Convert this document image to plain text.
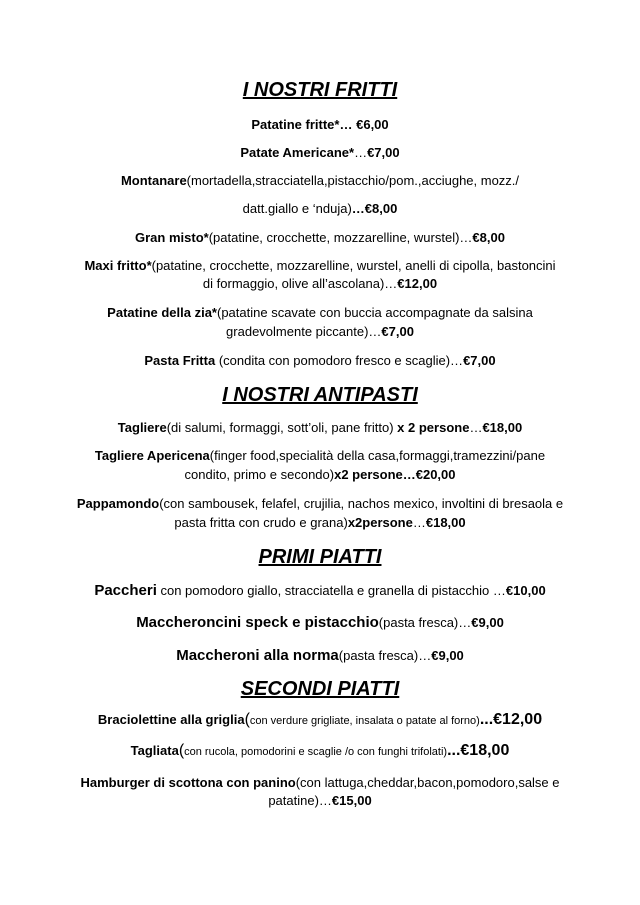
I NOSTRI FRITTI
Patatine fritte*… €6,00
Patate Americane*…€7,00
Montanare(mortadella,stracciatella,pistacchio/pom.,acciughe, mozz./
datt.giallo e ‘nduja)…€8,00
Gran misto*(patatine, crocchette, mozzarelline, wurstel)…€8,00
Maxi fritto*(patatine, crocchette, mozzarelline, wurstel, anelli di cipolla, bastoncini
di formaggio, olive all’ascolana)…€12,00
Patatine della zia*(patatine scavate con buccia accompagnate da salsina
gradevolmente piccante)…€7,00
Pasta Fritta (condita con pomodoro fresco e scaglie)…€7,00
I NOSTRI ANTIPASTI
Tagliere(di salumi, formaggi, sott’oli, pane fritto) x 2 persone…€18,00
Tagliere Apericena(finger food,specialità della casa,formaggi,tramezzini/pane
condito, primo e secondo)x2 persone…€20,00
Pappamondo(con sambousek, felafel, crujilia, nachos mexico, involtini di bresaola e
pasta fritta con crudo e grana)x2persone…€18,00
PRIMI PIATTI
Paccheri con pomodoro giallo, stracciatella e granella di pistacchio …€10,00
Maccheroncini speck e pistacchio(pasta fresca)…€9,00
Maccheroni alla norma(pasta fresca)…€9,00
SECONDI PIATTI
Braciolettine alla griglia(con verdure grigliate, insalata o patate al forno)...€12,00
Tagliata(con rucola, pomodorini e scaglie /o con funghi trifolati)...€18,00
Hamburger di scottona con panino(con lattuga,cheddar,bacon,pomodoro,salse e
patatine)…€15,00
